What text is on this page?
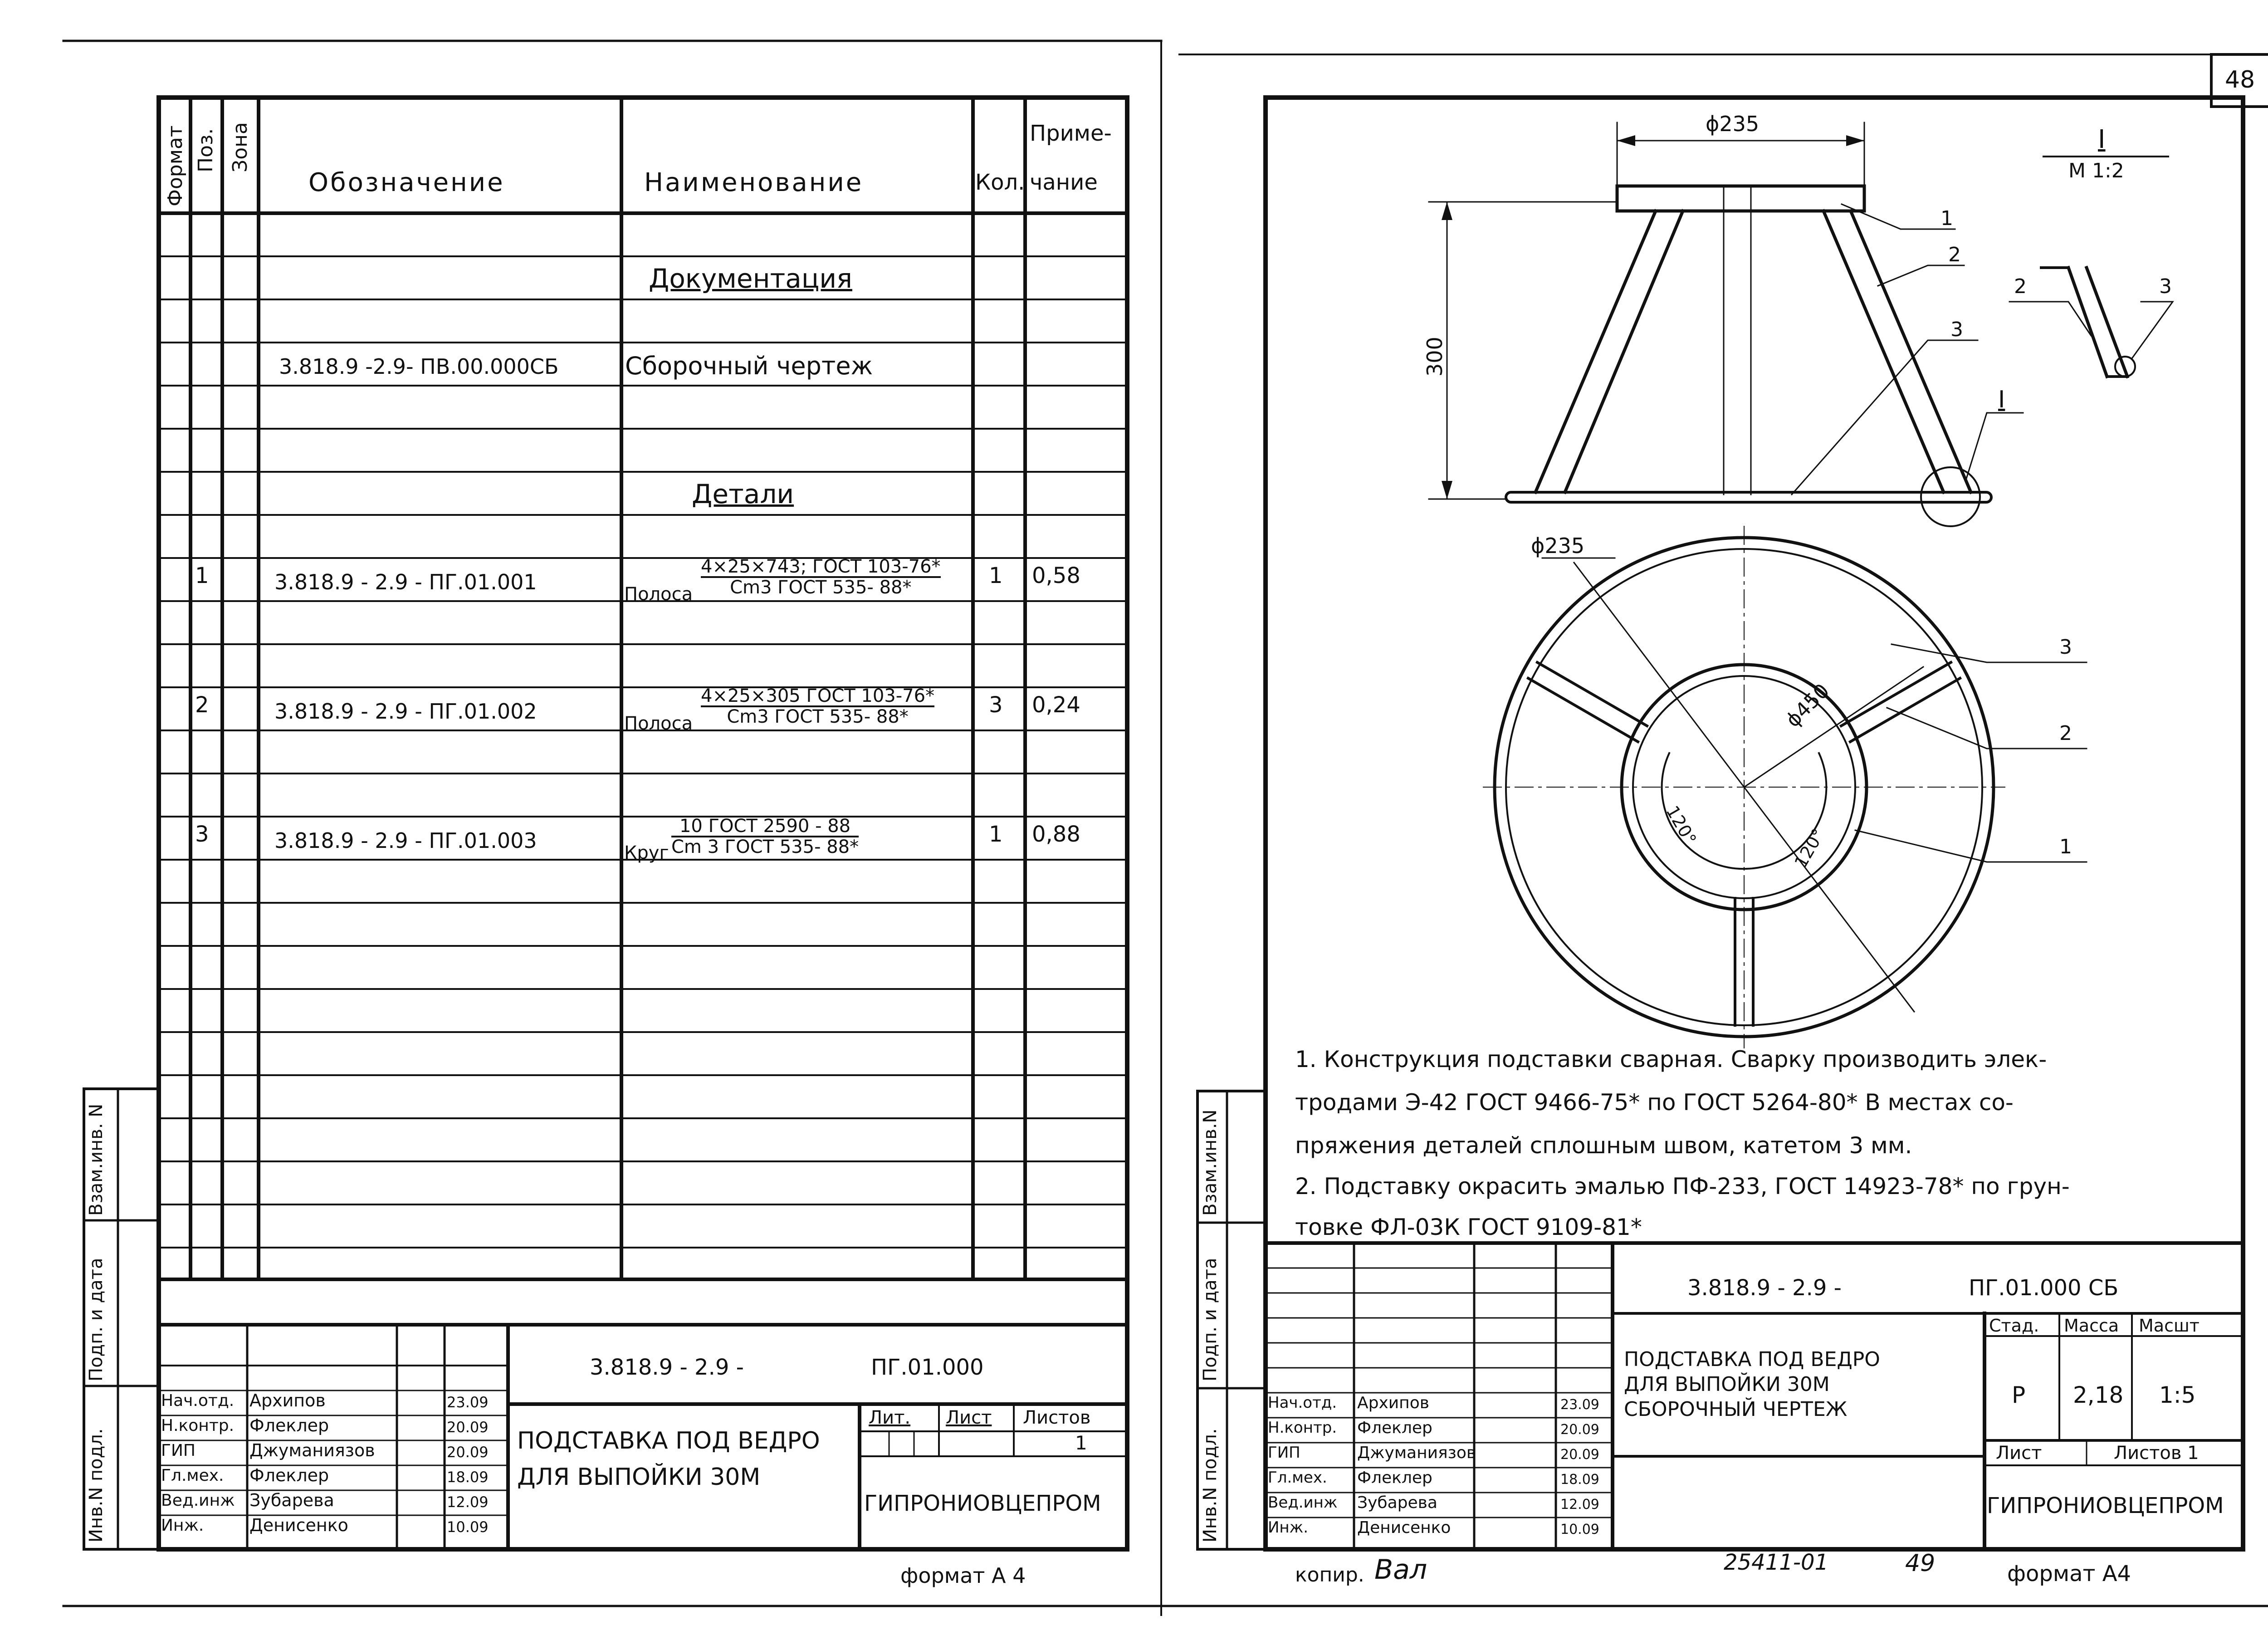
Формат Поз. Зона
Инв.N подл.
Подп. и дата
Взам.инв. N
Обозначение	Наименование	Кол.
Приме-
чание
Документация
3.818.9 -2.9- ПВ.00.000СБ	Сборочный чертеж
Детали
1	3.818.9 - 2.9 - ПГ.01.001	Полоса
4×25×743; ГОСТ 103-76*
Cm3 ГОСТ 535- 88*	1 0,58
2	3.818.9 - 2.9 - ПГ.01.002	Полоса
4×25×305 ГОСТ 103-76*
Cm3 ГОСТ 535- 88*	3 0,24
3	3.818.9 - 2.9 - ПГ.01.003	Круг
10 ГОСТ 2590 - 88
Cm 3 ГОСТ 535- 88*	1 0,88
Нач.отд. Архипов	23.09
Н.контр. Флеклер	20.09
ГИП	Джуманиязов	20.09
Гл.мех. Флеклер	18.09
Вед.инж Зубарева	12.09
Инж.	Денисенко	10.09
3.818.9 - 2.9 -	ПГ.01.000
ПОДСТАВКА ПОД ВЕДРО
ДЛЯ ВЫПОЙКИ 30М
Лит. Лист Листов
1
ГИПРОНИОВЦЕПРОМ
формат А 4
48
Инв.N подл.
Подп. и дата
Взам.инв.N
ϕ235
300
1
2
3
I
I
М 1:2
2	3
ϕ235
ϕ450
120°
120°
3
2
1
1. Конструкция подставки сварная. Сварку производить элек-
тродами Э-42 ГОСТ 9466-75* по ГОСТ 5264-80* В местах со-
пряжения деталей сплошным швом, катетом 3 мм.
2. Подставку окрасить эмалью ПФ-233, ГОСТ 14923-78* по грун-
товке ФЛ-03К ГОСТ 9109-81*
3.818.9 - 2.9 -	ПГ.01.000 СБ
ПОДСТАВКА ПОД ВЕДРО
ДЛЯ ВЫПОЙКИ 30М
СБОРОЧНЫЙ ЧЕРТЕЖ
Стад. Масса Масшт
Р 2,18 1:5
Лист	Листов 1
ГИПРОНИОВЦЕПРОМ
Нач.отд. Архипов	23.09
Н.контр. Флеклер	20.09
ГИП	Джуманиязов	20.09
Гл.мех. Флеклер	18.09
Вед.инж Зубарева	12.09
Инж.	Денисенко	10.09
копир. Вал	25411-01	49	формат А4
